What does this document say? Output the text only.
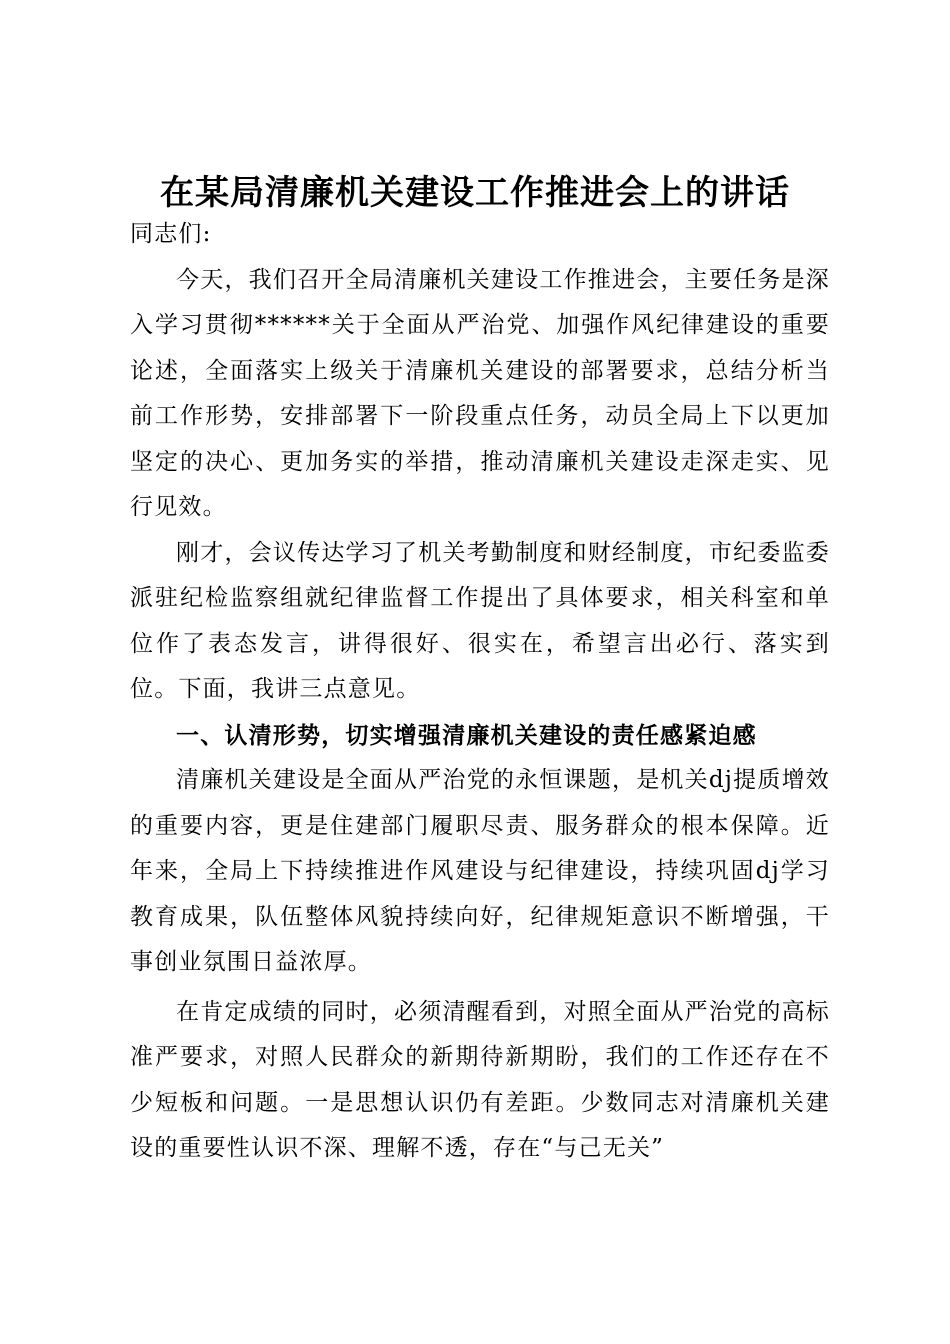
在某局清廉机关建设工作推进会上的讲话

同志们:

今天，我们召开全局清廉机关建设工作推进会，主要任务是深入学习贯彻******关于全面从严治党、加强作风纪律建设的重要论述，全面落实上级关于清廉机关建设的部署要求，总结分析当前工作形势，安排部署下一阶段重点任务，动员全局上下以更加坚定的决心、更加务实的举措，推动清廉机关建设走深走实、见行见效。

刚才，会议传达学习了机关考勤制度和财经制度，市纪委监委派驻纪检监察组就纪律监督工作提出了具体要求，相关科室和单位作了表态发言，讲得很好、很实在，希望言出必行、落实到位。下面，我讲三点意见。

一、认清形势，切实增强清廉机关建设的责任感紧迫感

清廉机关建设是全面从严治党的永恒课题，是机关dj提质增效的重要内容，更是住建部门履职尽责、服务群众的根本保障。近年来，全局上下持续推进作风建设与纪律建设，持续巩固dj学习教育成果，队伍整体风貌持续向好，纪律规矩意识不断增强，干事创业氛围日益浓厚。

在肯定成绩的同时，必须清醒看到，对照全面从严治党的高标准严要求，对照人民群众的新期待新期盼，我们的工作还存在不少短板和问题。一是思想认识仍有差距。少数同志对清廉机关建设的重要性认识不深、理解不透，存在“与己无关”
